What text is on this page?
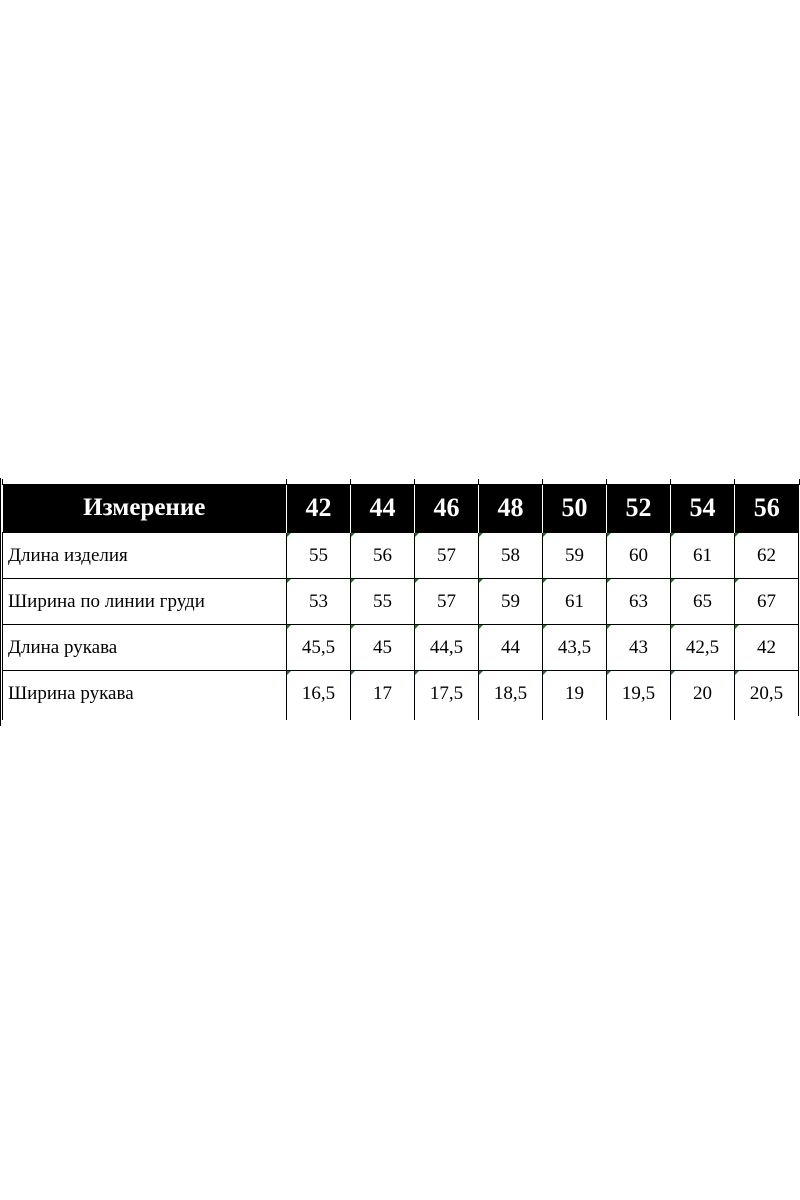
Измерение	42	44	46	48	50	52	54	56
Длина изделия	55	56	57	58	59	60	61	62
Ширина по линии груди	53	55	57	59	61	63	65	67
Длина рукава	45,5	45	44,5	44	43,5	43	42,5	42
Ширина рукава	16,5	17	17,5	18,5	19	19,5	20	20,5
